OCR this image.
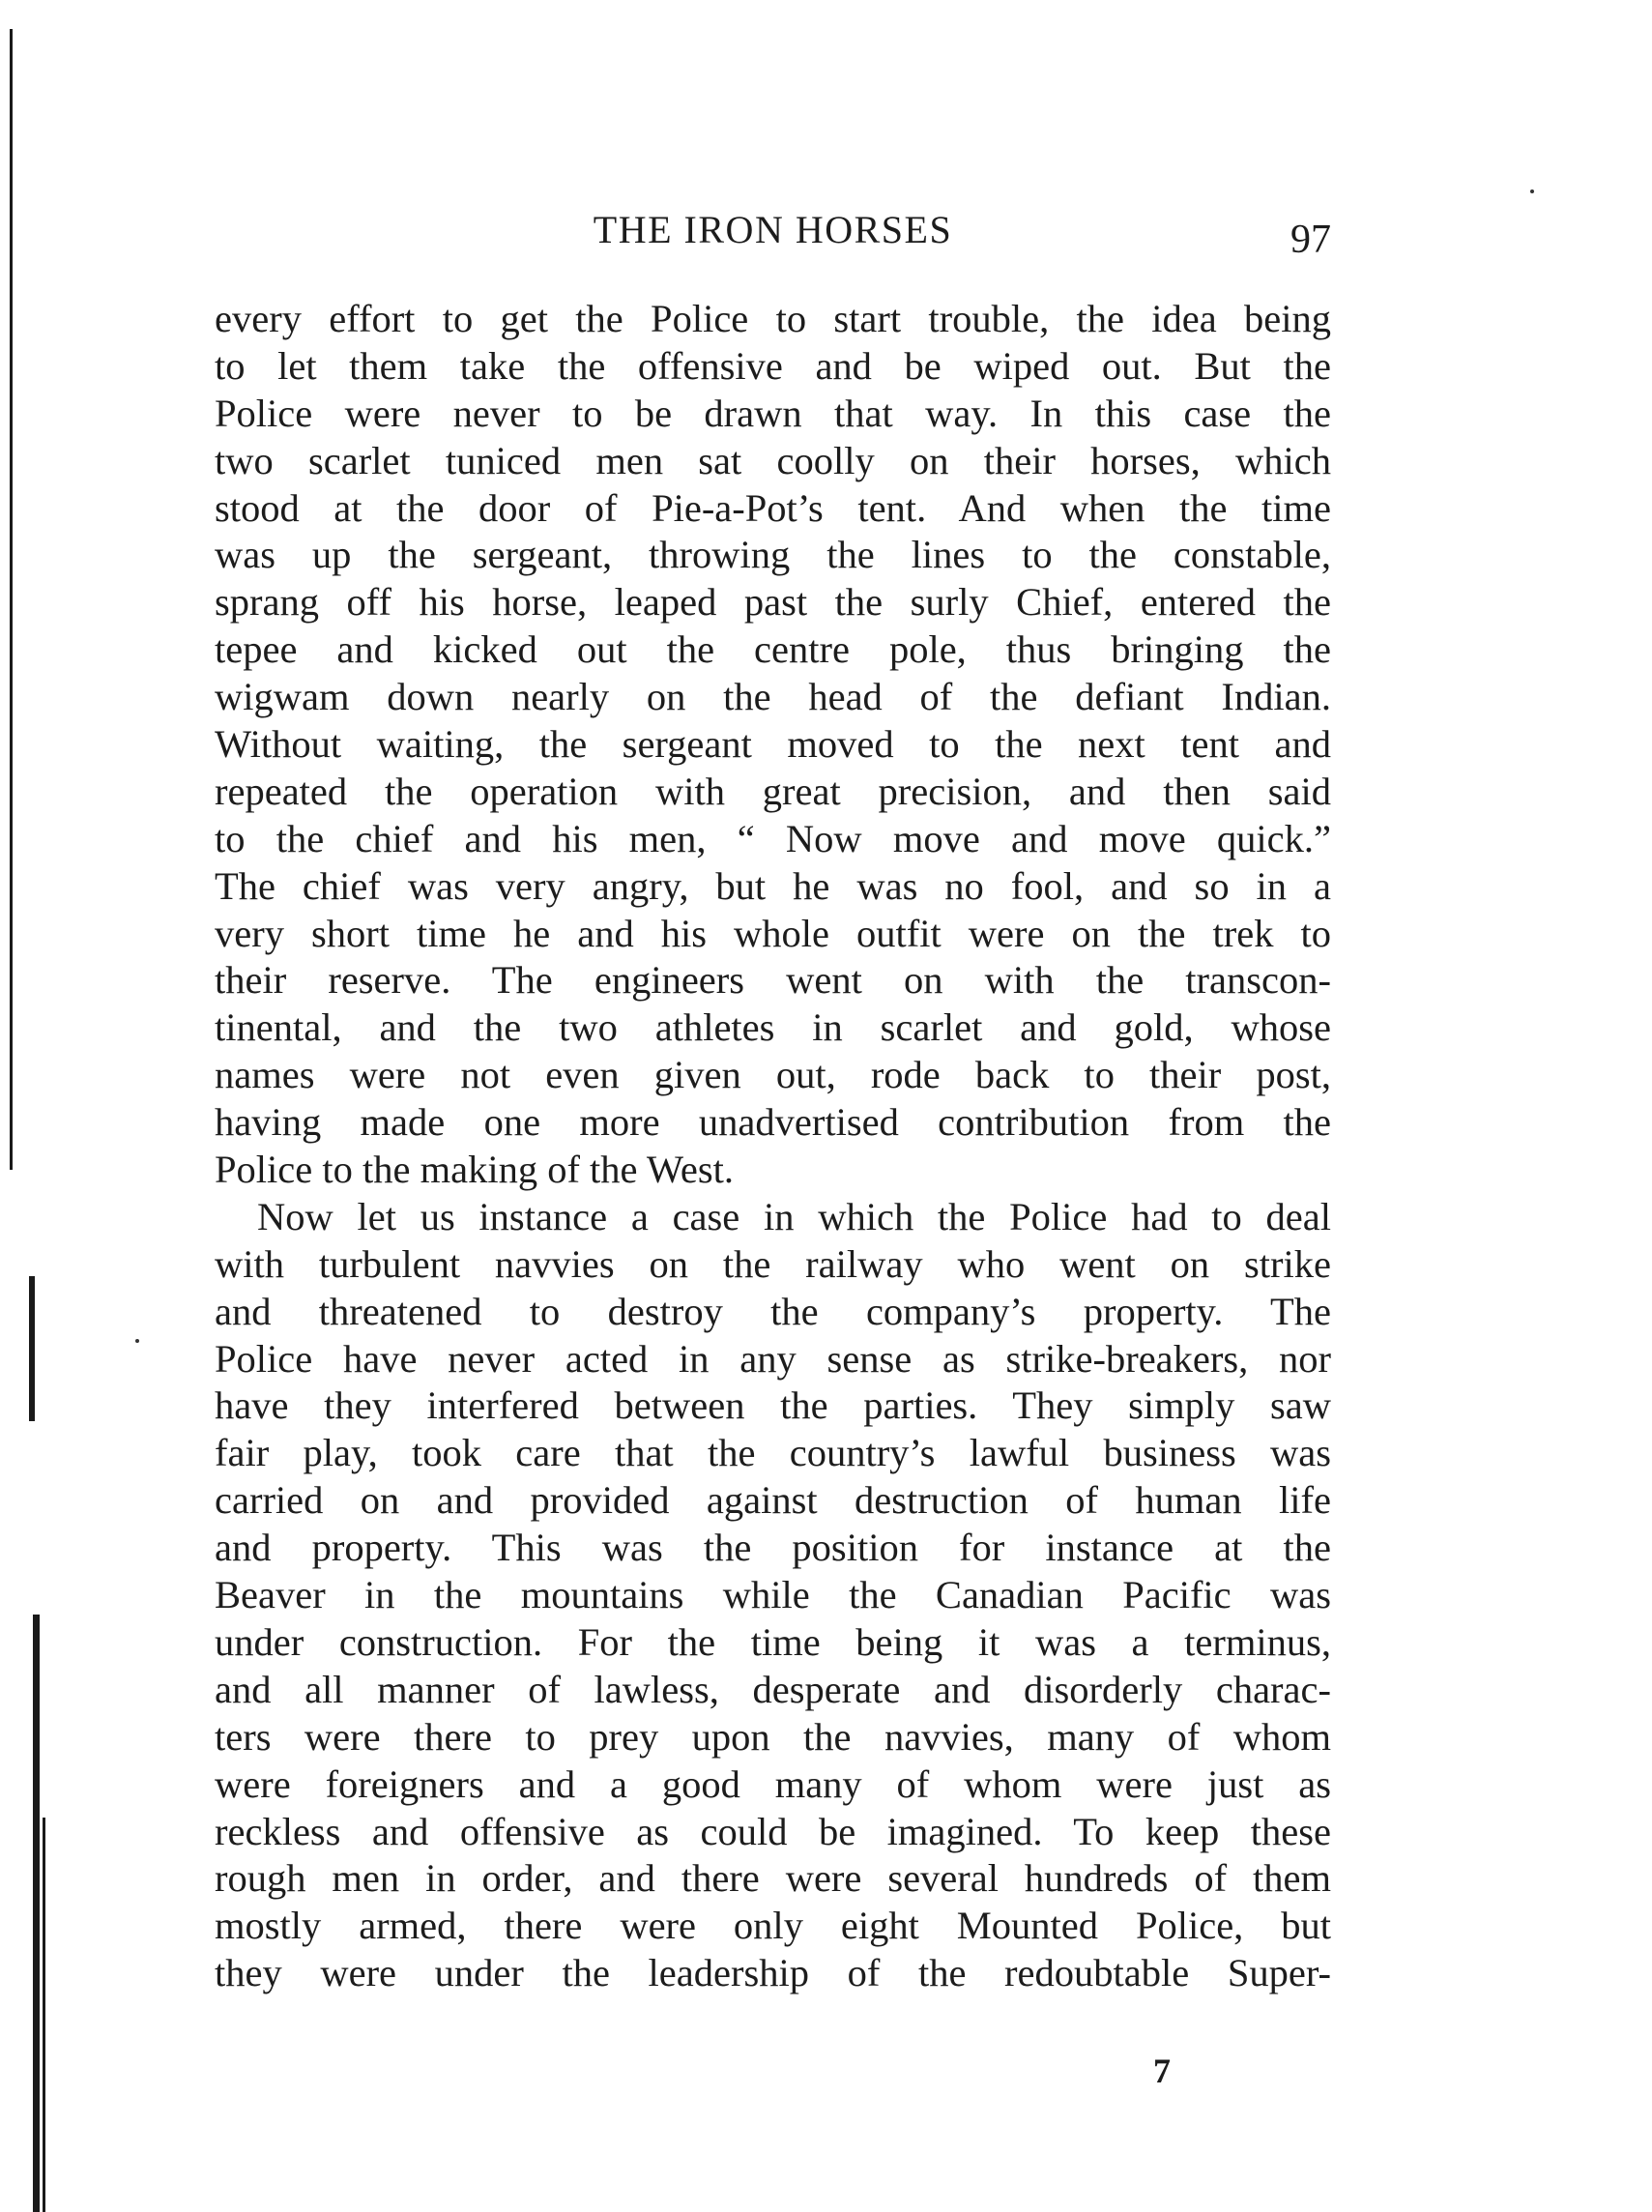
THE IRON HORSES	97
every effort to get the Police to start trouble, the idea being
to let them take the offensive and be wiped out. But the
Police were never to be drawn that way. In this case the
two scarlet tuniced men sat coolly on their horses, which
stood at the door of Pie-a-Pot’s tent. And when the time
was up the sergeant, throwing the lines to the constable,
sprang off his horse, leaped past the surly Chief, entered the
tepee and kicked out the centre pole, thus bringing the
wigwam down nearly on the head of the defiant Indian.
Without waiting, the sergeant moved to the next tent and
repeated the operation with great precision, and then said
to the chief and his men, “ Now move and move quick.”
The chief was very angry, but he was no fool, and so in a
very short time he and his whole outfit were on the trek to
their reserve. The engineers went on with the transcon-
tinental, and the two athletes in scarlet and gold, whose
names were not even given out, rode back to their post,
having made one more unadvertised contribution from the
Police to the making of the West.
Now let us instance a case in which the Police had to deal
with turbulent navvies on the railway who went on strike
and threatened to destroy the company’s property. The
Police have never acted in any sense as strike-breakers, nor
have they interfered between the parties. They simply saw
fair play, took care that the country’s lawful business was
carried on and provided against destruction of human life
and property. This was the position for instance at the
Beaver in the mountains while the Canadian Pacific was
under construction. For the time being it was a terminus,
and all manner of lawless, desperate and disorderly charac-
ters were there to prey upon the navvies, many of whom
were foreigners and a good many of whom were just as
reckless and offensive as could be imagined. To keep these
rough men in order, and there were several hundreds of them
mostly armed, there were only eight Mounted Police, but
they were under the leadership of the redoubtable Super-
7
